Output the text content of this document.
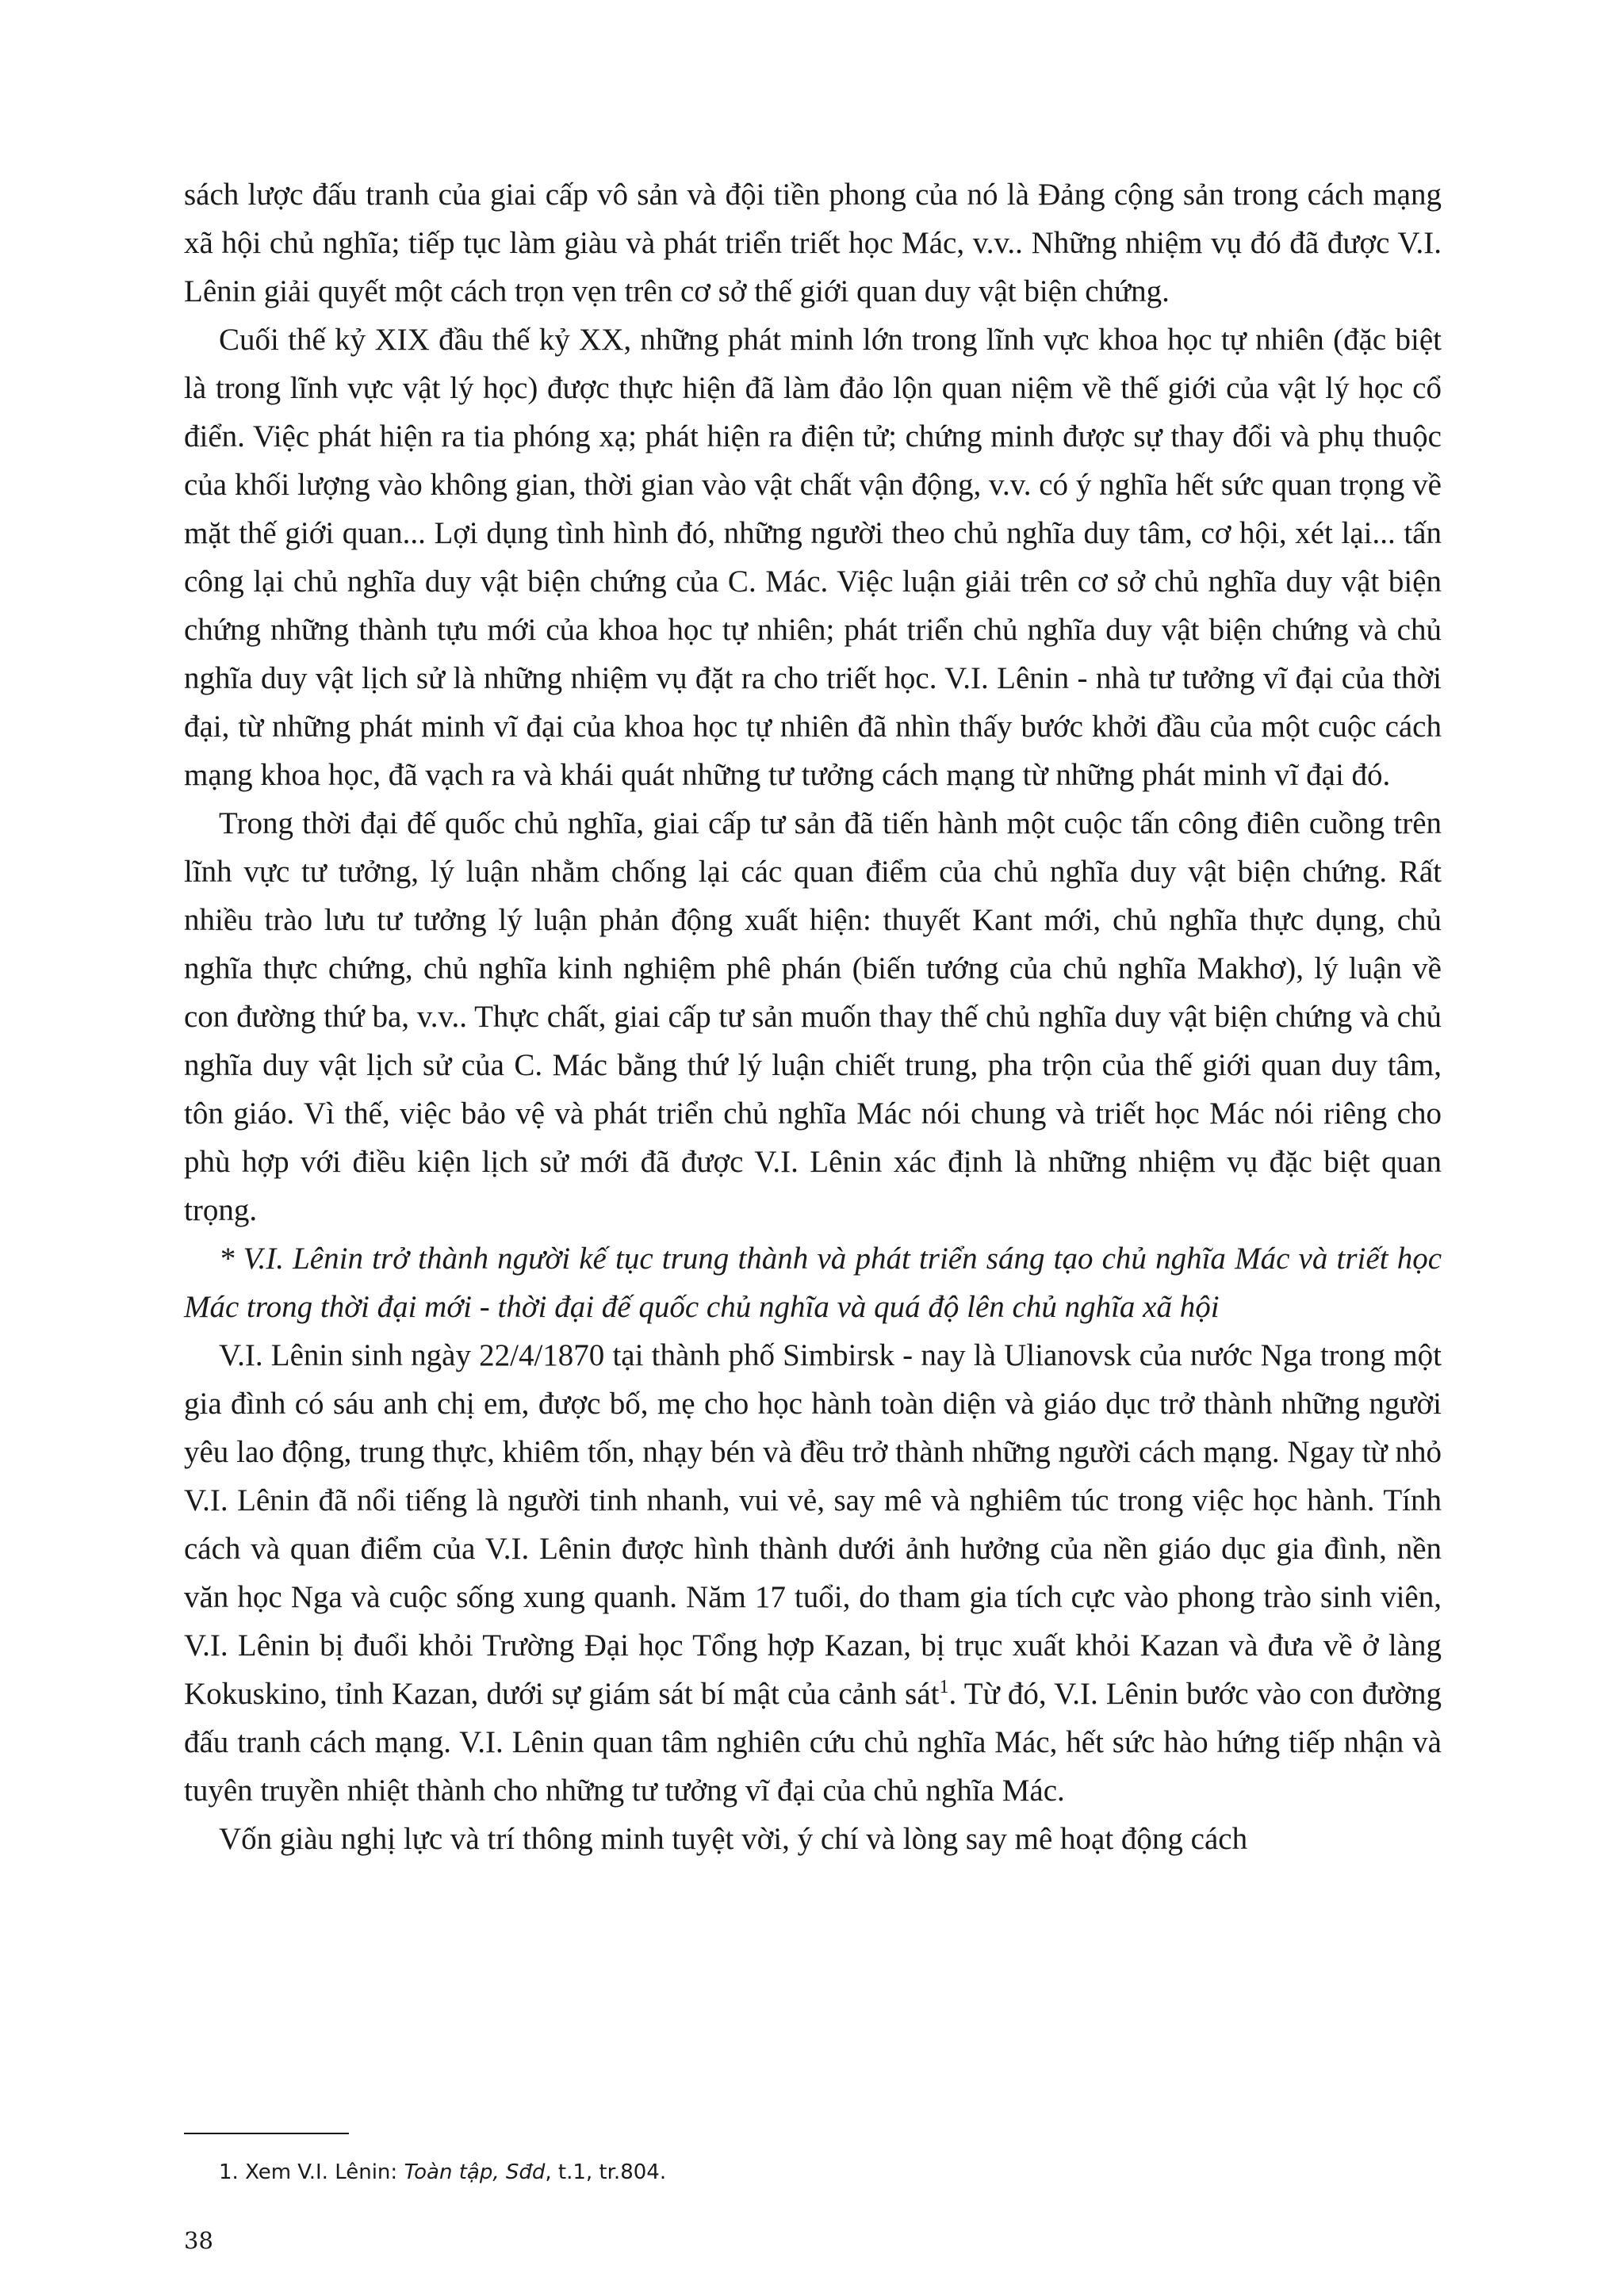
sách lược đấu tranh của giai cấp vô sản và đội tiền phong của nó là Đảng cộng sản trong cách mạng xã hội chủ nghĩa; tiếp tục làm giàu và phát triển triết học Mác, v.v.. Những nhiệm vụ đó đã được V.I. Lênin giải quyết một cách trọn vẹn trên cơ sở thế giới quan duy vật biện chứng.

Cuối thế kỷ XIX đầu thế kỷ XX, những phát minh lớn trong lĩnh vực khoa học tự nhiên (đặc biệt là trong lĩnh vực vật lý học) được thực hiện đã làm đảo lộn quan niệm về thế giới của vật lý học cổ điển. Việc phát hiện ra tia phóng xạ; phát hiện ra điện tử; chứng minh được sự thay đổi và phụ thuộc của khối lượng vào không gian, thời gian vào vật chất vận động, v.v. có ý nghĩa hết sức quan trọng về mặt thế giới quan... Lợi dụng tình hình đó, những người theo chủ nghĩa duy tâm, cơ hội, xét lại... tấn công lại chủ nghĩa duy vật biện chứng của C. Mác. Việc luận giải trên cơ sở chủ nghĩa duy vật biện chứng những thành tựu mới của khoa học tự nhiên; phát triển chủ nghĩa duy vật biện chứng và chủ nghĩa duy vật lịch sử là những nhiệm vụ đặt ra cho triết học. V.I. Lênin - nhà tư tưởng vĩ đại của thời đại, từ những phát minh vĩ đại của khoa học tự nhiên đã nhìn thấy bước khởi đầu của một cuộc cách mạng khoa học, đã vạch ra và khái quát những tư tưởng cách mạng từ những phát minh vĩ đại đó.

Trong thời đại đế quốc chủ nghĩa, giai cấp tư sản đã tiến hành một cuộc tấn công điên cuồng trên lĩnh vực tư tưởng, lý luận nhằm chống lại các quan điểm của chủ nghĩa duy vật biện chứng. Rất nhiều trào lưu tư tưởng lý luận phản động xuất hiện: thuyết Kant mới, chủ nghĩa thực dụng, chủ nghĩa thực chứng, chủ nghĩa kinh nghiệm phê phán (biến tướng của chủ nghĩa Makhơ), lý luận về con đường thứ ba, v.v.. Thực chất, giai cấp tư sản muốn thay thế chủ nghĩa duy vật biện chứng và chủ nghĩa duy vật lịch sử của C. Mác bằng thứ lý luận chiết trung, pha trộn của thế giới quan duy tâm, tôn giáo. Vì thế, việc bảo vệ và phát triển chủ nghĩa Mác nói chung và triết học Mác nói riêng cho phù hợp với điều kiện lịch sử mới đã được V.I. Lênin xác định là những nhiệm vụ đặc biệt quan trọng.

* V.I. Lênin trở thành người kế tục trung thành và phát triển sáng tạo chủ nghĩa Mác và triết học Mác trong thời đại mới - thời đại đế quốc chủ nghĩa và quá độ lên chủ nghĩa xã hội

V.I. Lênin sinh ngày 22/4/1870 tại thành phố Simbirsk - nay là Ulianovsk của nước Nga trong một gia đình có sáu anh chị em, được bố, mẹ cho học hành toàn diện và giáo dục trở thành những người yêu lao động, trung thực, khiêm tốn, nhạy bén và đều trở thành những người cách mạng. Ngay từ nhỏ V.I. Lênin đã nổi tiếng là người tinh nhanh, vui vẻ, say mê và nghiêm túc trong việc học hành. Tính cách và quan điểm của V.I. Lênin được hình thành dưới ảnh hưởng của nền giáo dục gia đình, nền văn học Nga và cuộc sống xung quanh. Năm 17 tuổi, do tham gia tích cực vào phong trào sinh viên, V.I. Lênin bị đuổi khỏi Trường Đại học Tổng hợp Kazan, bị trục xuất khỏi Kazan và đưa về ở làng Kokuskino, tỉnh Kazan, dưới sự giám sát bí mật của cảnh sát$^1$. Từ đó, V.I. Lênin bước vào con đường đấu tranh cách mạng. V.I. Lênin quan tâm nghiên cứu chủ nghĩa Mác, hết sức hào hứng tiếp nhận và tuyên truyền nhiệt thành cho những tư tưởng vĩ đại của chủ nghĩa Mác.

Vốn giàu nghị lực và trí thông minh tuyệt vời, ý chí và lòng say mê hoạt động cách

1. Xem V.I. Lênin: Toàn tập, Sđd, t.1, tr.804.
38
